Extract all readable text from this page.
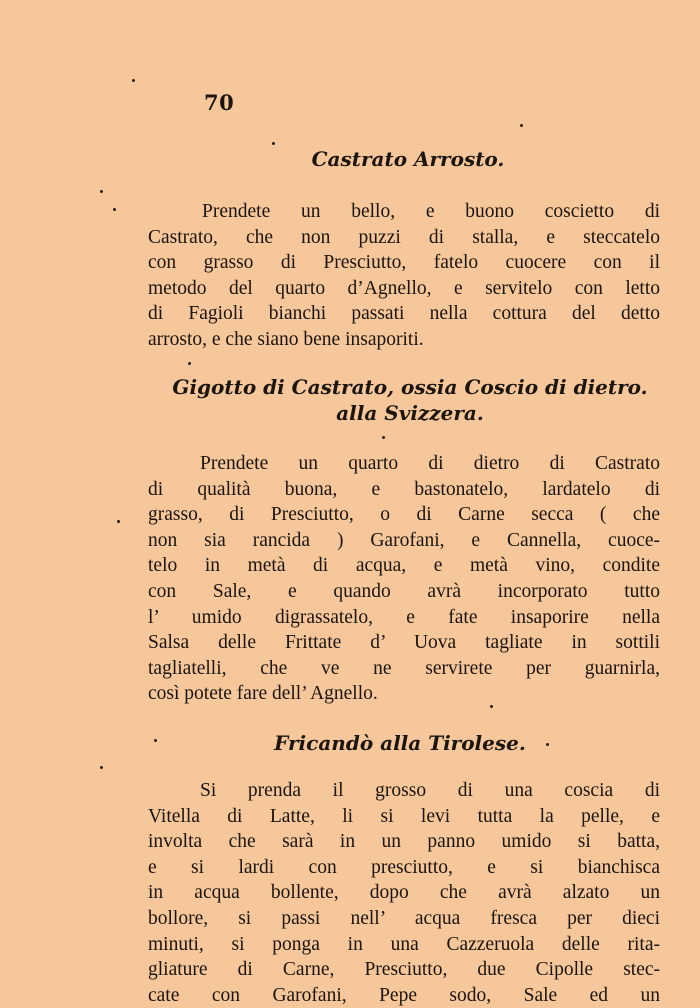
70
Castrato Arrosto.
Prendete un bello, e buono coscietto di
Castrato, che non puzzi di stalla, e steccatelo
con grasso di Presciutto, fatelo cuocere con il
metodo del quarto d’Agnello, e servitelo con letto
di Fagioli bianchi passati nella cottura del detto
arrosto, e che siano bene insaporiti.
Gigotto di Castrato, ossia Coscio di dietro.
alla Svizzera.
Prendete un quarto di dietro di Castrato
di qualità buona, e bastonatelo, lardatelo di
grasso, di Presciutto, o di Carne secca ( che
non sia rancida ) Garofani, e Cannella, cuoce-
telo in metà di acqua, e metà vino, condite
con Sale, e quando avrà incorporato tutto
l’ umido digrassatelo, e fate insaporire nella
Salsa delle Frittate d’ Uova tagliate in sottili
tagliatelli, che ve ne servirete per guarnirla,
così potete fare dell’ Agnello.
Fricandò alla Tirolese.
Si prenda il grosso di una coscia di
Vitella di Latte, li si levi tutta la pelle, e
involta che sarà in un panno umido si batta,
e si lardi con presciutto, e si bianchisca
in acqua bollente, dopo che avrà alzato un
bollore, si passi nell’ acqua fresca per dieci
minuti, si ponga in una Cazzeruola delle rita-
gliature di Carne, Presciutto, due Cipolle stec-
cate con Garofani, Pepe sodo, Sale ed un
